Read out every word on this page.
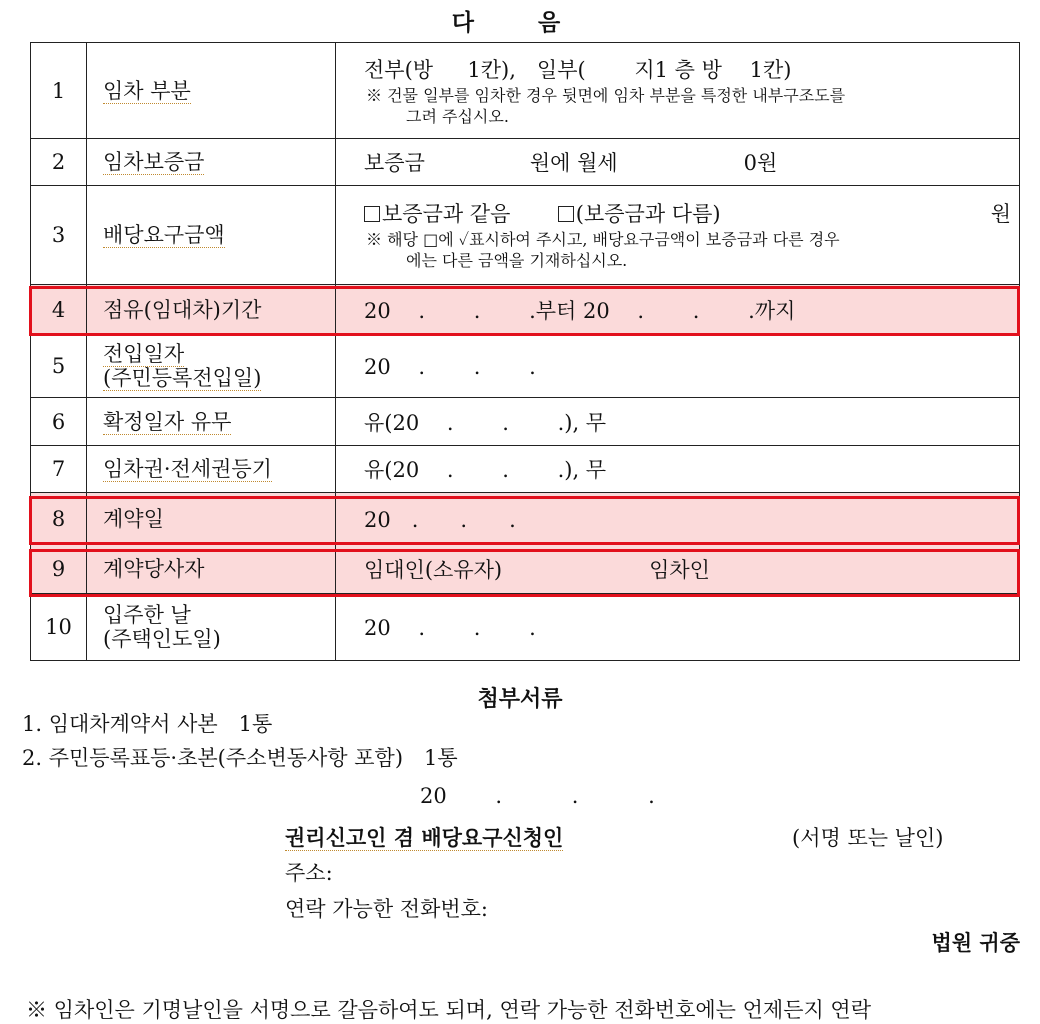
다 음
1	임차 부분	전부(방 　 1칸),　일부(　 　지1 층 방 　1칸)
※ 건물 일부를 임차한 경우 뒷면에 임차 부분을 특정한 내부구조도를
그려 주십시오.

2	임차보증금	보증금　　　　　원에 월세　　　　　　0원
3	배당요구금액	보증금과 같음 (보증금과 다름) 원
※ 해당 □에 ✓표시하여 주시고, 배당요구금액이 보증금과 다른 경우
에는 다른 금액을 기재하십시오.

4	점유(임대차)기간	20　 .　　 .　　 .부터 20　 .　　 .　　 .까지
5	전입일자
(주민등록전입일)	20　 .　　 .　　 .
6	확정일자 유무	유(20　 .　　 .　　 .), 무
7	임차권·전세권등기	유(20　 .　　 .　　 .), 무
8	계약일	20　.　　.　　.
9	계약당사자	임대인(소유자)　　　　　　　임차인
10	입주한 날
(주택인도일)	20　 .　　 .　　 .
첨부서류
1. 임대차계약서 사본　1통
2. 주민등록표등·초본(주소변동사항 포함)　1통
20　　 .　　　 .　　　 .
권리신고인 겸 배당요구신청인	(서명 또는 날인)
주소:
연락 가능한 전화번호:
법원 귀중
※ 임차인은 기명날인을 서명으로 갈음하여도 되며, 연락 가능한 전화번호에는 언제든지 연락
